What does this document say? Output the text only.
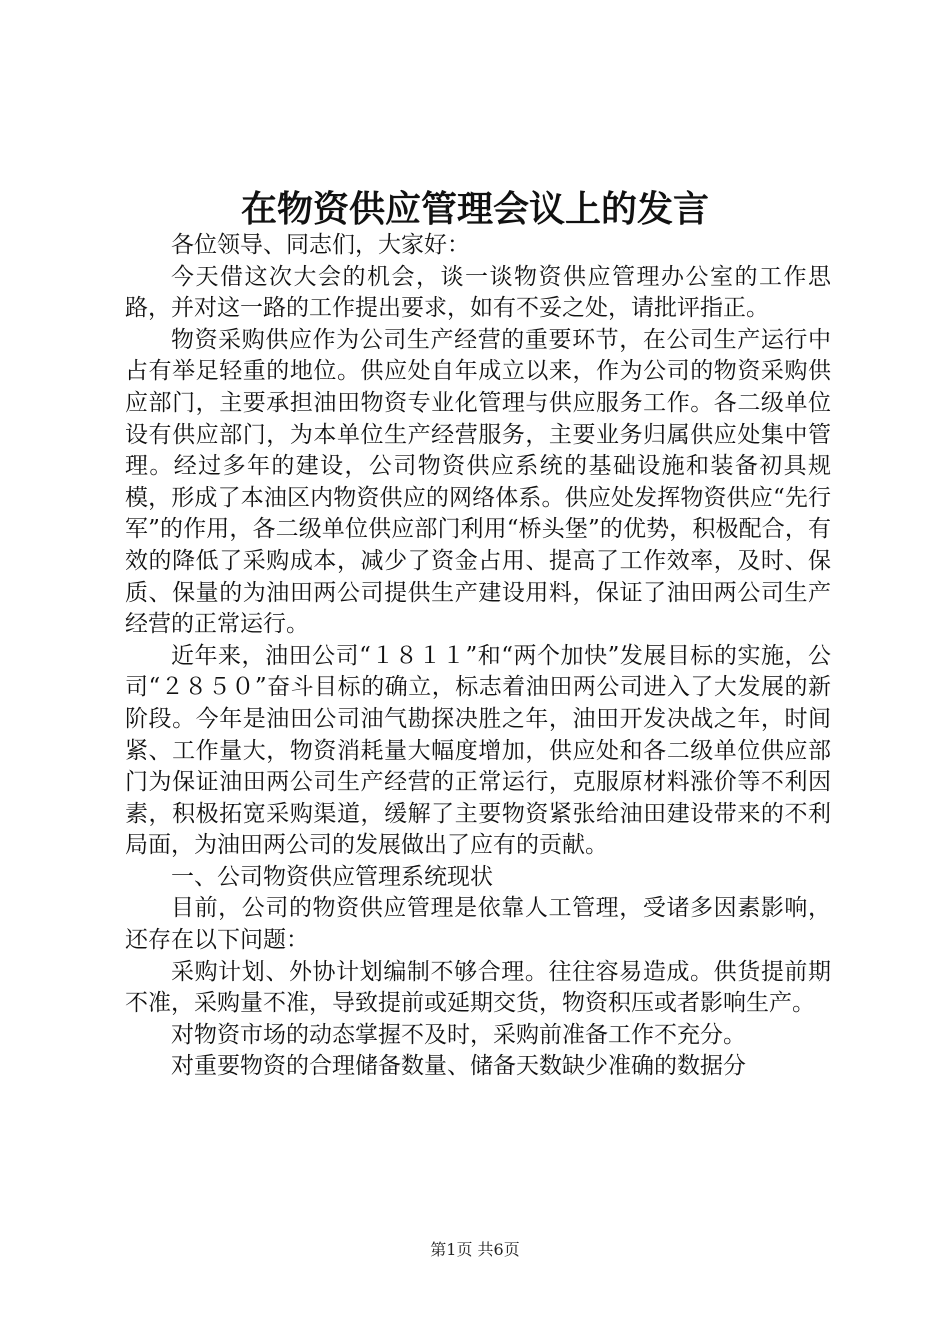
在物资供应管理会议上的发言

各位领导、同志们，大家好：

今天借这次大会的机会，谈一谈物资供应管理办公室的工作思路，并对这一路的工作提出要求，如有不妥之处，请批评指正。

物资采购供应作为公司生产经营的重要环节，在公司生产运行中占有举足轻重的地位。供应处自年成立以来，作为公司的物资采购供应部门，主要承担油田物资专业化管理与供应服务工作。各二级单位设有供应部门，为本单位生产经营服务，主要业务归属供应处集中管理。经过多年的建设，公司物资供应系统的基础设施和装备初具规模，形成了本油区内物资供应的网络体系。供应处发挥物资供应“先行军”的作用，各二级单位供应部门利用“桥头堡”的优势，积极配合，有效的降低了采购成本，减少了资金占用、提高了工作效率，及时、保质、保量的为油田两公司提供生产建设用料，保证了油田两公司生产经营的正常运行。

近年来，油田公司“１８１１”和“两个加快”发展目标的实施，公司“２８５０”奋斗目标的确立，标志着油田两公司进入了大发展的新阶段。今年是油田公司油气勘探决胜之年，油田开发决战之年，时间紧、工作量大，物资消耗量大幅度增加，供应处和各二级单位供应部门为保证油田两公司生产经营的正常运行，克服原材料涨价等不利因素，积极拓宽采购渠道，缓解了主要物资紧张给油田建设带来的不利局面，为油田两公司的发展做出了应有的贡献。

一、公司物资供应管理系统现状

目前，公司的物资供应管理是依靠人工管理，受诸多因素影响，还存在以下问题：

采购计划、外协计划编制不够合理。往往容易造成。供货提前期不准，采购量不准，导致提前或延期交货，物资积压或者影响生产。

对物资市场的动态掌握不及时，采购前准备工作不充分。

对重要物资的合理储备数量、储备天数缺少准确的数据分

第1页 共6页
